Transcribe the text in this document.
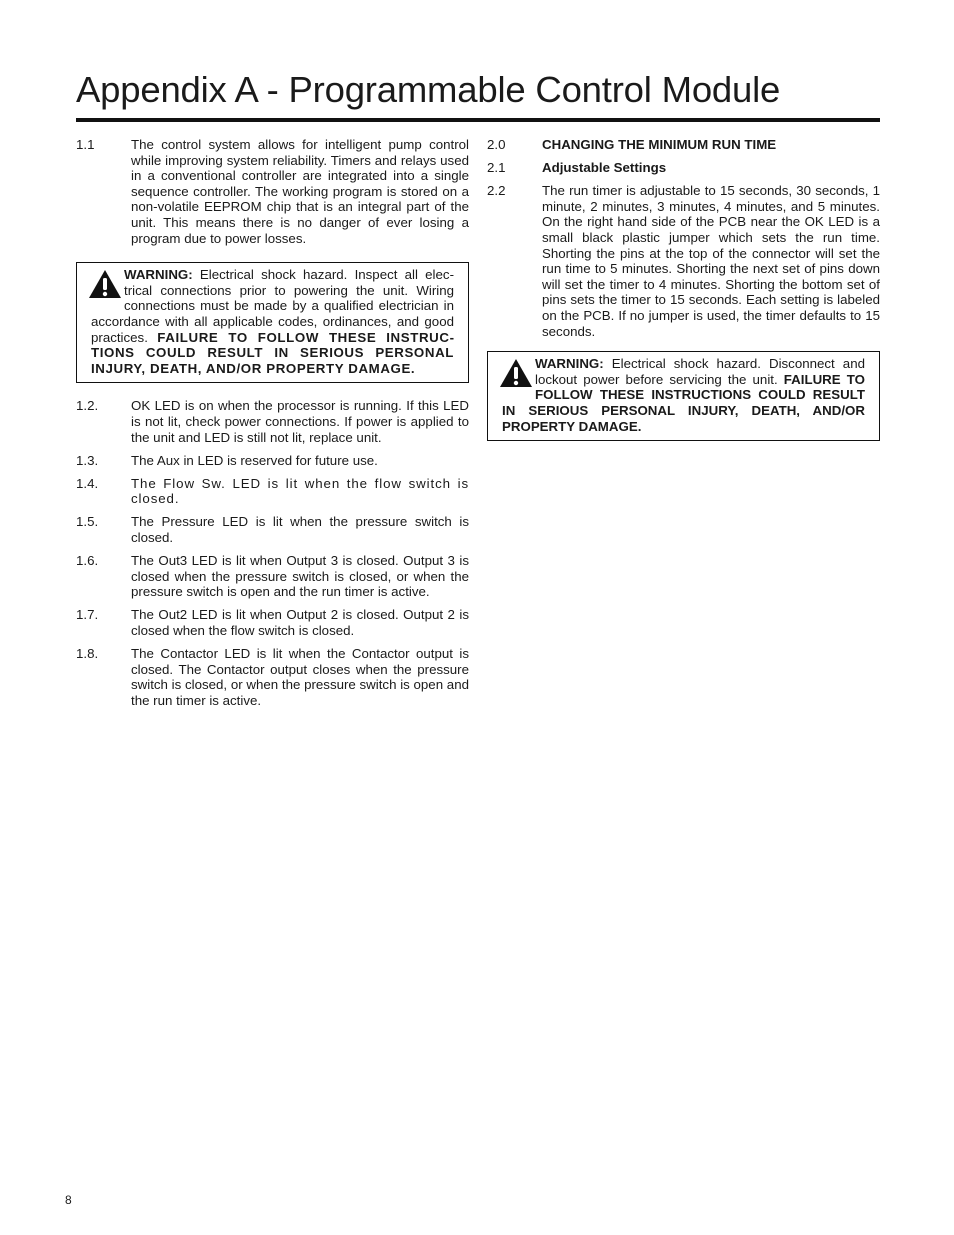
Appendix A - Programmable Control Module
1.1	The control system allows for intelligent pump control while improving system reliability. Timers and relays used in a conventional controller are integrated into a single sequence controller. The working program is stored on a non-volatile EEPROM chip that is an integral part of the unit. This means there is no danger of ever losing a program due to power losses.
WARNING: Electrical shock hazard. Inspect all electrical connections prior to powering the unit. Wiring connections must be made by a qualified electrician in accordance with all applicable codes, ordinances, and good practices. FAILURE TO FOLLOW THESE INSTRUCTIONS COULD RESULT IN SERIOUS PERSONAL INJURY, DEATH, AND/OR PROPERTY DAMAGE.
1.2.	OK LED is on when the processor is running. If this LED is not lit, check power connections. If power is applied to the unit and LED is still not lit, replace unit.
1.3.	The Aux in LED is reserved for future use.
1.4.	The Flow Sw. LED is lit when the flow switch is closed.
1.5.	The Pressure LED is lit when the pressure switch is closed.
1.6.	The Out3 LED is lit when Output 3 is closed. Output 3 is closed when the pressure switch is closed, or when the pressure switch is open and the run timer is active.
1.7.	The Out2 LED is lit when Output 2 is closed. Output 2 is closed when the flow switch is closed.
1.8.	The Contactor LED is lit when the Contactor output is closed. The Contactor output closes when the pressure switch is closed, or when the pressure switch is open and the run timer is active.
2.0	CHANGING THE MINIMUM RUN TIME
2.1	Adjustable Settings
2.2	The run timer is adjustable to 15 seconds, 30 seconds, 1 minute, 2 minutes, 3 minutes, 4 minutes, and 5 minutes. On the right hand side of the PCB near the OK LED is a small black plastic jumper which sets the run time. Shorting the pins at the top of the connector will set the run time to 5 minutes. Shorting the next set of pins down will set the timer to 4 minutes. Shorting the bottom set of pins sets the timer to 15 seconds. Each setting is labeled on the PCB. If no jumper is used, the timer defaults to 15 seconds.
WARNING: Electrical shock hazard. Disconnect and lockout power before servicing the unit. FAILURE TO FOLLOW THESE INSTRUCTIONS COULD RESULT IN SERIOUS PERSONAL INJURY, DEATH, AND/OR PROPERTY DAMAGE.
8
